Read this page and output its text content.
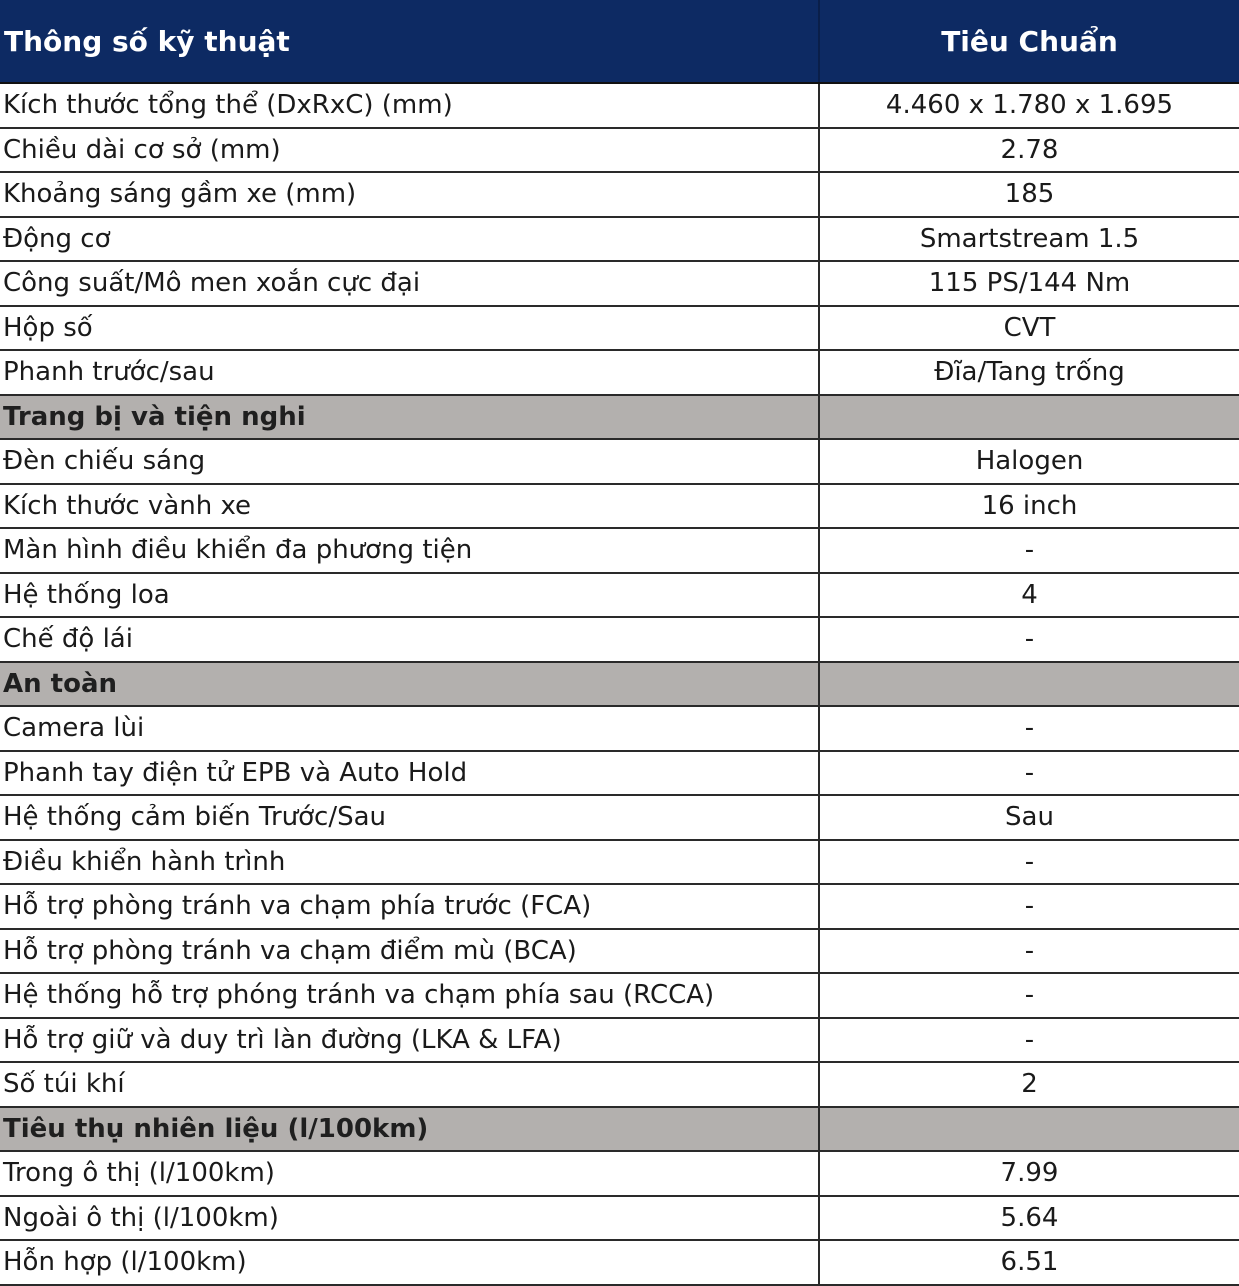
Thông số kỹ thuật	Tiêu Chuẩn
Kích thước tổng thể (DxRxC) (mm)	4.460 x 1.780 x 1.695
Chiều dài cơ sở (mm)	2.78
Khoảng sáng gầm xe (mm)	185
Động cơ	Smartstream 1.5
Công suất/Mô men xoắn cực đại	115 PS/144 Nm
Hộp số	CVT
Phanh trước/sau	Đĩa/Tang trống
Trang bị và tiện nghi	
Đèn chiếu sáng	Halogen
Kích thước vành xe	16 inch
Màn hình điều khiển đa phương tiện	-
Hệ thống loa	4
Chế độ lái	-
An toàn	
Camera lùi	-
Phanh tay điện tử EPB và Auto Hold	-
Hệ thống cảm biến Trước/Sau	Sau
Điều khiển hành trình	-
Hỗ trợ phòng tránh va chạm phía trước (FCA)	-
Hỗ trợ phòng tránh va chạm điểm mù (BCA)	-
Hệ thống hỗ trợ phóng tránh va chạm phía sau (RCCA)	-
Hỗ trợ giữ và duy trì làn đường (LKA & LFA)	-
Số túi khí	2
Tiêu thụ nhiên liệu (l/100km)	
Trong ô thị (l/100km)	7.99
Ngoài ô thị (l/100km)	5.64
Hỗn hợp (l/100km)	6.51
